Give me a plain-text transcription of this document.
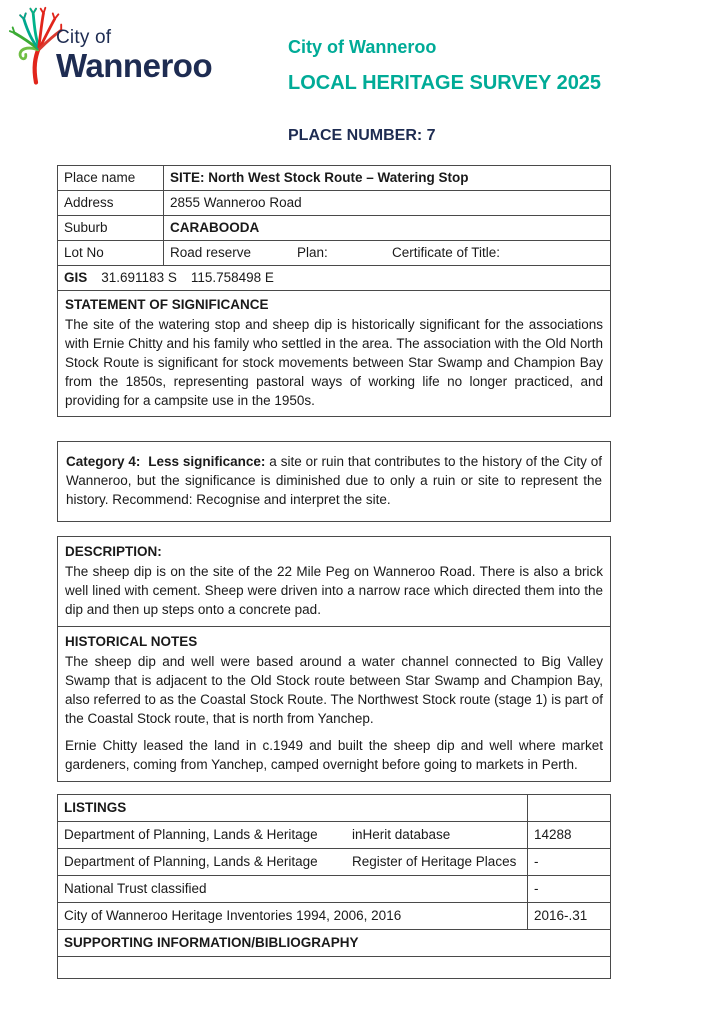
City of
Wanneroo	City of Wanneroo
LOCAL HERITAGE SURVEY 2025
PLACE NUMBER: 7
Place name	SITE: North West Stock Route – Watering Stop
Address	2855 Wanneroo Road
Suburb	CARABOODA
Lot No	Road reserve Plan: Certificate of Title:
GIS 31.691183 S 115.758498 E	

STATEMENT OF SIGNIFICANCE

The site of the watering stop and sheep dip is historically significant for the associations with Ernie Chitty and his family who settled in the area. The association with the Old North Stock Route is significant for stock movements between Star Swamp and Champion Bay from the 1850s, representing pastoral ways of working life no longer practiced, and providing for a campsite use in the 1950s.	

Category 4:  Less significance: a site or ruin that contributes to the history of the City of Wanneroo, but the significance is diminished due to only a ruin or site to represent the history. Recommend: Recognise and interpret the site.
DESCRIPTION:

The sheep dip is on the site of the 22 Mile Peg on Wanneroo Road. There is also a brick well lined with cement. Sheep were driven into a narrow race which directed them into the dip and then up steps onto a concrete pad.

HISTORICAL NOTES

The sheep dip and well were based around a water channel connected to Big Valley Swamp that is adjacent to the Old Stock route between Star Swamp and Champion Bay, also referred to as the Coastal Stock Route. The Northwest Stock route (stage 1) is part of the Coastal Stock route, that is north from Yanchep.

Ernie Chitty leased the land in c.1949 and built the sheep dip and well where market gardeners, coming from Yanchep, camped overnight before going to markets in Perth.

LISTINGS	
Department of Planning, Lands & Heritage inHerit database	14288
Department of Planning, Lands & Heritage Register of Heritage Places	-
National Trust classified	-
City of Wanneroo Heritage Inventories 1994, 2006, 2016	2016-.31
SUPPORTING INFORMATION/BIBLIOGRAPHY	
